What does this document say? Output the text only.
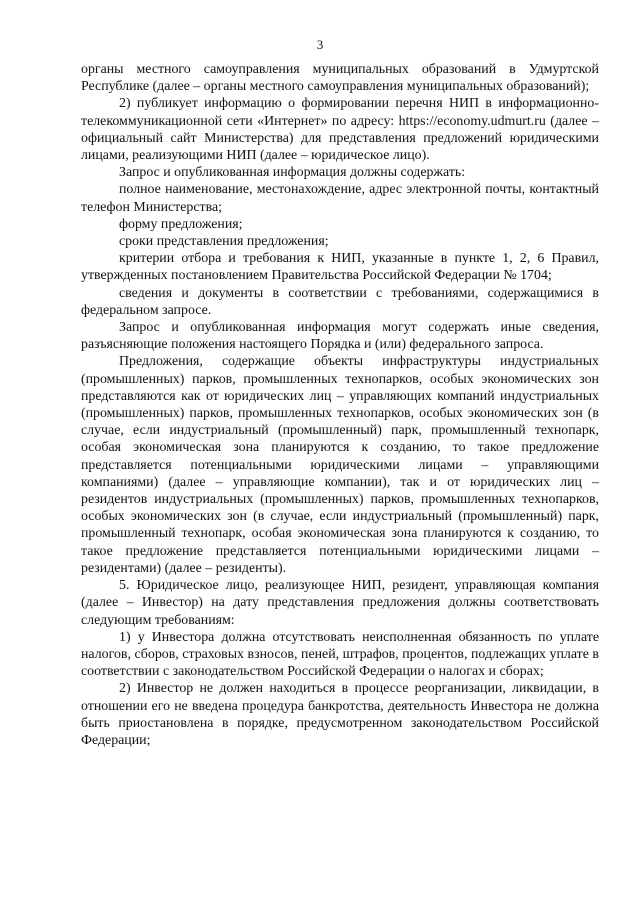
3

органы местного самоуправления муниципальных образований в Удмуртской Республике (далее – органы местного самоуправления муниципальных образований);

2) публикует информацию о формировании перечня НИП в информационно-телекоммуникационной сети «Интернет» по адресу: https://economy.udmurt.ru (далее – официальный сайт Министерства) для представления предложений юридическими лицами, реализующими НИП (далее – юридическое лицо).

Запрос и опубликованная информация должны содержать:

полное наименование, местонахождение, адрес электронной почты, контактный телефон Министерства;

форму предложения;

сроки представления предложения;

критерии отбора и требования к НИП, указанные в пункте 1, 2, 6 Правил, утвержденных постановлением Правительства Российской Федерации № 1704;

сведения и документы в соответствии с требованиями, содержащимися в федеральном запросе.

Запрос и опубликованная информация могут содержать иные сведения, разъясняющие положения настоящего Порядка и (или) федерального запроса.

Предложения, содержащие объекты инфраструктуры индустриальных (промышленных) парков, промышленных технопарков, особых экономических зон представляются как от юридических лиц – управляющих компаний индустриальных (промышленных) парков, промышленных технопарков, особых экономических зон (в случае, если индустриальный (промышленный) парк, промышленный технопарк, особая экономическая зона планируются к созданию, то такое предложение представляется потенциальными юридическими лицами – управляющими компаниями) (далее – управляющие компании), так и от юридических лиц – резидентов индустриальных (промышленных) парков, промышленных технопарков, особых экономических зон (в случае, если индустриальный (промышленный) парк, промышленный технопарк, особая экономическая зона планируются к созданию, то такое предложение представляется потенциальными юридическими лицами – резидентами) (далее – резиденты).

5. Юридическое лицо, реализующее НИП, резидент, управляющая компания (далее – Инвестор) на дату представления предложения должны соответствовать следующим требованиям:

1) у Инвестора должна отсутствовать неисполненная обязанность по уплате налогов, сборов, страховых взносов, пеней, штрафов, процентов, подлежащих уплате в соответствии с законодательством Российской Федерации о налогах и сборах;

2) Инвестор не должен находиться в процессе реорганизации, ликвидации, в отношении его не введена процедура банкротства, деятельность Инвестора не должна быть приостановлена в порядке, предусмотренном законодательством Российской Федерации;
